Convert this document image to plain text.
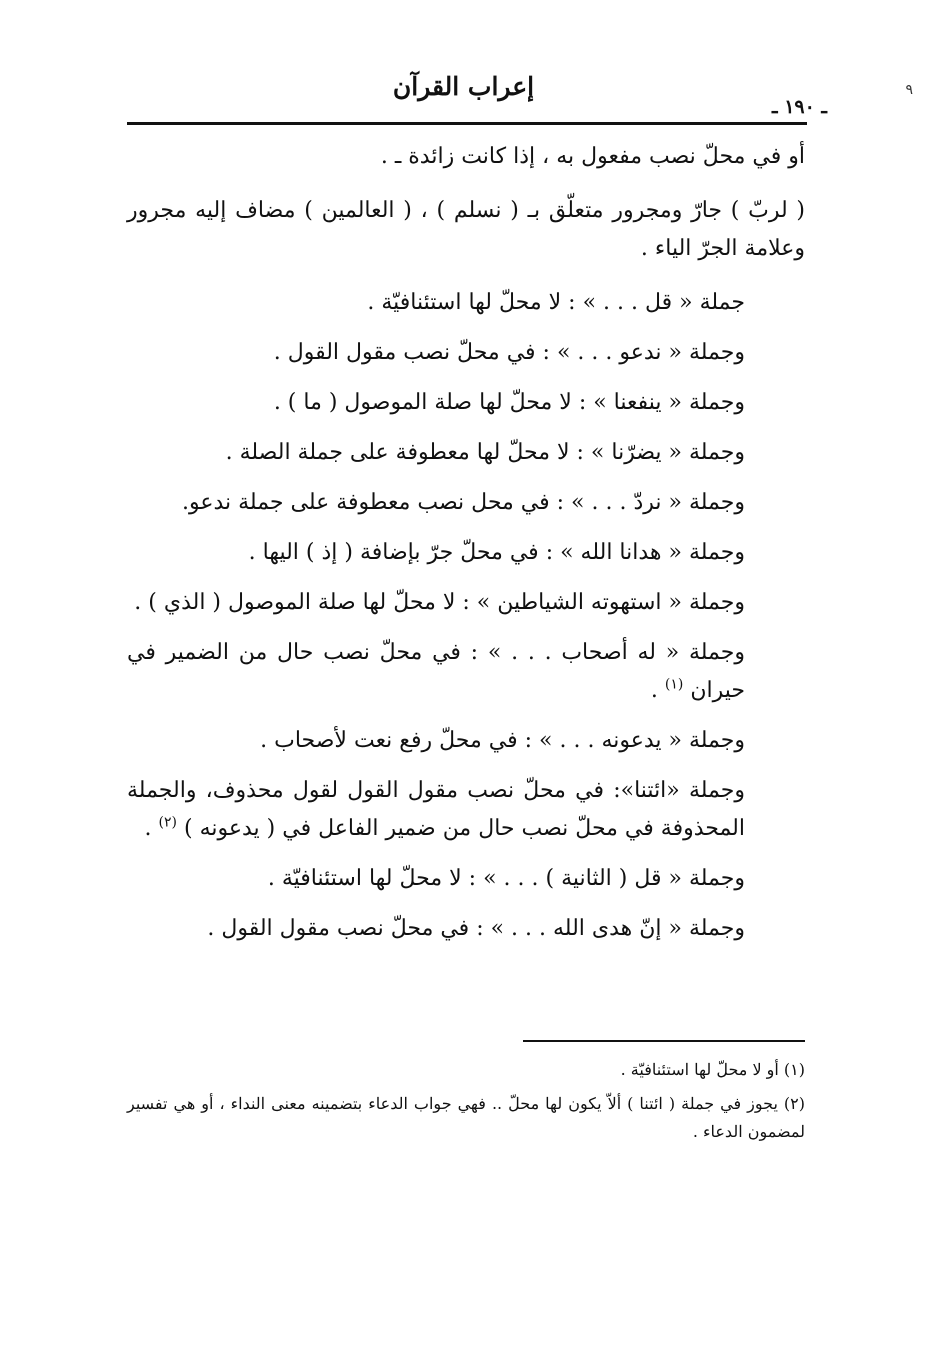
٩
إعراب القرآن
ـ ١٩٠ ـ

أو في محلّ نصب مفعول به ، إذا كانت زائدة ـ .

( لربّ ) جارّ ومجرور متعلّق بـ ( نسلم ) ، ( العالمين ) مضاف إليه مجرور وعلامة الجرّ الياء .

جملة « قل . . . » : لا محلّ لها استئنافيّة .

وجملة « ندعو . . . » : في محلّ نصب مقول القول .

وجملة « ينفعنا » : لا محلّ لها صلة الموصول ( ما ) .

وجملة « يضرّنا » : لا محلّ لها معطوفة على جملة الصلة .

وجملة « نردّ . . . » : في محل نصب معطوفة على جملة ندعو.

وجملة « هدانا الله » : في محلّ جرّ بإضافة ( إذ ) اليها .

وجملة « استهوته الشياطين » : لا محلّ لها صلة الموصول ( الذي ) .

وجملة « له أصحاب . . . » : في محلّ نصب حال من الضمير في حيران $^{(١)}$ .

وجملة « يدعونه . . . » : في محلّ رفع نعت لأصحاب .

وجملة «ائتنا»: في محلّ نصب مقول القول لقول محذوف، والجملة المحذوفة في محلّ نصب حال من ضمير الفاعل في ( يدعونه ) $^{(٢)}$ .

وجملة « قل ( الثانية ) . . . » : لا محلّ لها استئنافيّة .

وجملة « إنّ هدى الله . . . » : في محلّ نصب مقول القول .

(١) أو لا محلّ لها استئنافيّة .

(٢) يجوز في جملة ( ائتنا ) ألاّ يكون لها محلّ .. فهي جواب الدعاء بتضمينه معنى النداء ، أو هي تفسير لمضمون الدعاء .
